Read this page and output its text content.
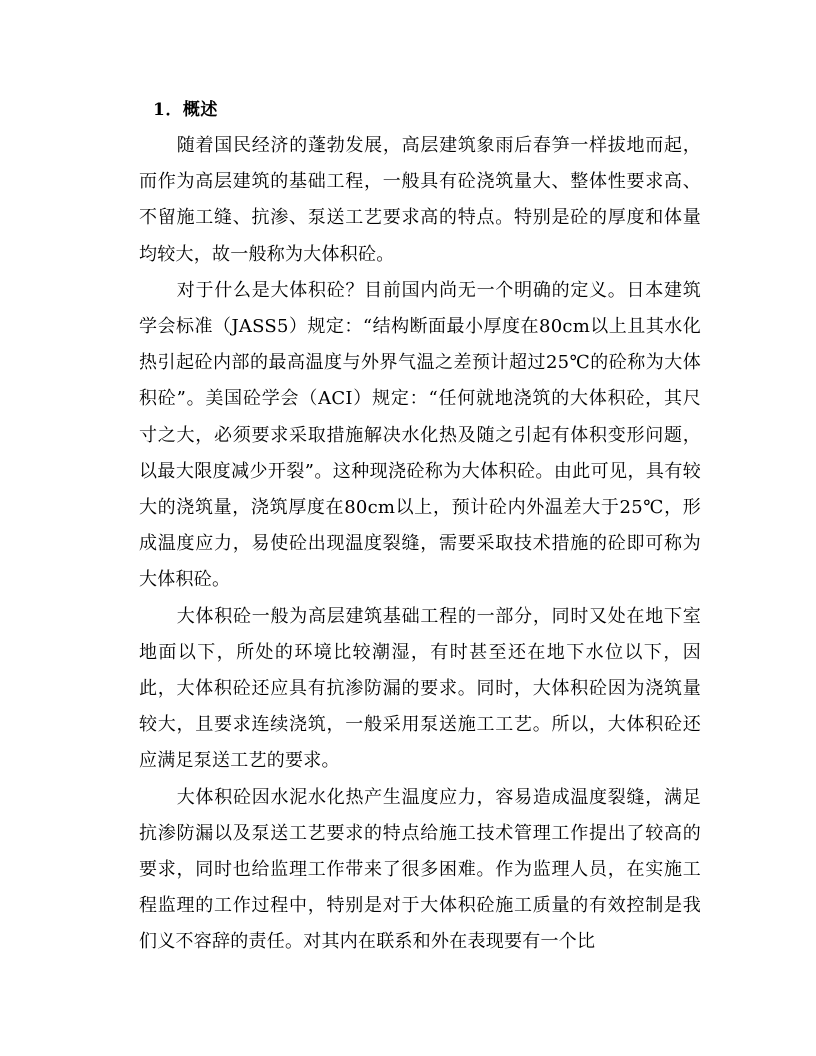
1．概述

随着国民经济的蓬勃发展，高层建筑象雨后春笋一样拔地而起，而作为高层建筑的基础工程，一般具有砼浇筑量大、整体性要求高、不留施工缝、抗渗、泵送工艺要求高的特点。特别是砼的厚度和体量均较大，故一般称为大体积砼。

对于什么是大体积砼？目前国内尚无一个明确的定义。日本建筑学会标准（JASS5）规定：“结构断面最小厚度在80cm以上且其水化热引起砼内部的最高温度与外界气温之差预计超过25℃的砼称为大体积砼”。美国砼学会（ACI）规定：“任何就地浇筑的大体积砼，其尺寸之大，必须要求采取措施解决水化热及随之引起有体积变形问题，以最大限度减少开裂”。这种现浇砼称为大体积砼。由此可见，具有较大的浇筑量，浇筑厚度在80cm以上，预计砼内外温差大于25℃，形成温度应力，易使砼出现温度裂缝，需要采取技术措施的砼即可称为大体积砼。

大体积砼一般为高层建筑基础工程的一部分，同时又处在地下室地面以下，所处的环境比较潮湿，有时甚至还在地下水位以下，因此，大体积砼还应具有抗渗防漏的要求。同时，大体积砼因为浇筑量较大，且要求连续浇筑，一般采用泵送施工工艺。所以，大体积砼还应满足泵送工艺的要求。

大体积砼因水泥水化热产生温度应力，容易造成温度裂缝，满足抗渗防漏以及泵送工艺要求的特点给施工技术管理工作提出了较高的要求，同时也给监理工作带来了很多困难。作为监理人员，在实施工程监理的工作过程中，特别是对于大体积砼施工质量的有效控制是我们义不容辞的责任。对其内在联系和外在表现要有一个比
